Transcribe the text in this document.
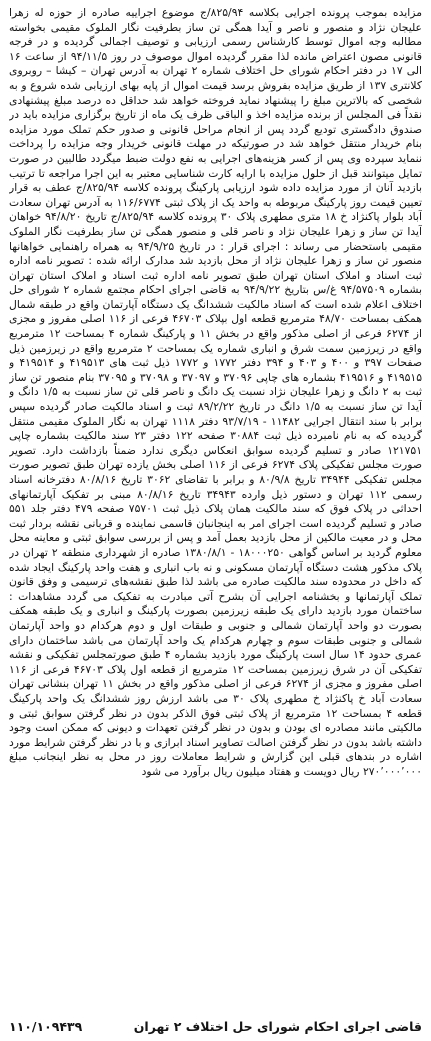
مزایده بموجب پرونده اجرایی بکلاسه ۸۲۵/۹۴/ج موضوع اجراییه صادره از حوزه له زهرا علیجان نژاد و منصور و ناصر و آیدا همگی تن ساز بطرفیت نگار الملوک مقیمی بخواسته مطالبه وجه اموال توسط کارشناس رسمی ارزیابی و توصیف اجمالی گردیده و در فرجه قانونی مصون اعتراض مانده لذا مقرر گردیده اموال موصوف در روز ۹۴/۱۱/۵ از ساعت ۱۶ الی ۱۷ در دفتر احکام شورای حل اختلاف شماره ۲ تهران به آدرس تهران – کیشا – روبروی کلانتری ۱۳۷ از طریق مزایده بفروش برسد قیمت اموال از پایه بهای ارزیابی شده شروع و به شخصی که بالاترین مبلغ را پیشنهاد نماید فروخته خواهد شد حداقل ده درصد مبلغ پیشنهادی نقداً فی المجلس از برنده مزایده اخذ و الباقی ظرف یک ماه از تاریخ برگزاری مزایده باید در صندوق دادگستری تودیع گردد پس از انجام مراحل قانونی و صدور حکم تملک مورد مزایده بنام خریدار منتقل خواهد شد در صورتیکه در مهلت قانونی خریدار وجه مزایده را پرداخت ننماید سپرده وی پس از کسر هزینه‌های اجرایی به نفع دولت ضبط میگردد طالبین در صورت تمایل میتوانند قبل از حلول مزایده با ارایه کارت شناسایی معتبر به این اجرا مراجعه تا ترتیب بازدید آنان از مورد مزایده داده شود ارزیابی پارکینگ پرونده کلاسه ۸۲۵/۹۴/ج عطف به قرار تعیین قیمت روز پارکینگ مربوطه به واحد یک از پلاک ثبتی ۱۱۶/۶۷۷۴ به آدرس تهران سعادت آباد بلوار پاکنژاد خ ۱۸ متری مطهری پلاک ۳۰ پرونده کلاسه ۸۲۵/۹۴/ج تاریخ ۹۴/۸/۲۰ خواهان آیدا تن ساز و زهرا علیجان نژاد و ناصر قلی و منصور همگی تن ساز بطرفیت نگار الملوک مقیمی باستحضار می رساند : اجرای قرار : در تاریخ ۹۴/۹/۲۵ به همراه راهنمایی خواهانها منصور تن ساز و زهرا علیجان نژاد از محل بازدید شد مدارک ارائه شده : تصویر نامه اداره ثبت اسناد و املاک استان تهران طبق تصویر نامه اداره ثبت اسناد و املاک استان تهران بشماره ۹۴/۵۷۵۰۹ غ/س بتاریخ ۹۴/۹/۲۲ به قاضی اجرای احکام مجتمع شماره ۲ شورای حل اختلاف اعلام شده است که اسناد مالکیت ششدانگ یک دستگاه آپارتمان واقع در طبقه شمال همکف بمساحت ۴۸/۷۰ مترمربع قطعه اول بپلاک ۴۶۷۰۳ فرعی از ۱۱۶ اصلی مفروز و مجزی از ۶۲۷۴ فرعی از اصلی مذکور واقع در بخش ۱۱ و پارکینگ شماره ۴ بمساحت ۱۲ مترمربع واقع در زیرزمین سمت شرق و انباری شماره یک بمساحت ۲ مترمربع واقع در زیرزمین ذیل صفحات ۳۹۷ و ۴۰۰ و ۴۰۳ و ۳۹۴ دفتر ۱۷۷۲ و ۱۷۷۲ ذیل ثبت های ۴۱۹۵۱۳ و ۴۱۹۵۱۴ و ۴۱۹۵۱۵ و ۴۱۹۵۱۶ بشماره های چاپی ۳۷۰۹۶ و ۳۷۰۹۷ و ۳۷۰۹۸ و ۳۷۰۹۵ بنام منصور تن ساز ثبت به ۲ دانگ و زهرا علیجان نژاد نسبت یک دانگ و ناصر قلی تن ساز نسبت به ۱/۵ دانگ و آیدا تن ساز نسبت به ۱/۵ دانگ در تاریخ ۸۹/۲/۲۲ ثبت و اسناد مالکیت صادر گردیده سپس برابر با سند انتقال اجرایی ۱۱۴۸۲ - ۹۳/۷/۱۹ دفتر ۱۱۱۸ تهران به نگار الملوک مقیمی منتقل گردیده که به نام نامبرده ذیل ثبت ۳۰۸۸۴ صفحه ۱۲۲ دفتر ۲۳ سند مالکیت بشماره چاپی ۱۲۱۷۵۱ صادر و تسلیم گردیده سوابق انعکاس دیگری ندارد ضمناً بازداشت دارد. تصویر صورت مجلس تفکیکی پلاک ۶۲۷۴ فرعی از ۱۱۶ اصلی بخش یازده تهران طبق تصویر صورت مجلس تفکیکی ۳۴۹۴۴ تاریخ ۸۰/۹/۸ و برابر با تقاضای ۳۰۶۲ تاریخ ۸۰/۸/۱۶ دفترخانه اسناد رسمی ۱۱۲ تهران و دستور ذیل وارده ۳۴۹۴۳ تاریخ ۸۰/۸/۱۶ مبنی بر تفکیک آپارتمانهای احداثی در پلاک فوق که سند مالکیت همان پلاک ذیل ثبت ۷۵۷۰۱ صفحه ۴۷۹ دفتر جلد ۵۵۱ صادر و تسلیم گردیده است اجرای امر به اینجانبان قاسمی نماینده و قربانی نقشه بردار ثبت محل و در معیت مالکین از محل بازدید بعمل آمد و پس از بررسی سوابق ثبتی و معاینه محل معلوم گردید بر اساس گواهی ۱۸۰۰۰۲۵۰ - ۱۳۸۰/۸/۱ صادره از شهرداری منطقه ۲ تهران در پلاک مذکور هشت دستگاه آپارتمان مسکونی و نه باب انباری و هفت واحد پارکینگ ایجاد شده که داخل در محدوده سند مالکیت صادره می باشد لذا طبق نقشه‌های ترسیمی و وفق قانون تملک آپارتمانها و بخشنامه اجرایی آن بشرح آتی مبادرت به تفکیک می گردد مشاهدات : ساختمان مورد بازدید دارای یک طبقه زیرزمین بصورت پارکینگ و انباری و یک طبقه همکف بصورت دو واحد آپارتمان شمالی و جنوبی و طبقات اول و دوم هرکدام دو واحد آپارتمان شمالی و جنوبی طبقات سوم و چهارم هرکدام یک واحد آپارتمان می باشد ساختمان دارای عمری حدود ۱۴ سال است پارکینگ مورد بازدید بشماره ۴ طبق صورتمجلس تفکیکی و نقشه تفکیکی آن در شرق زیرزمین بمساحت ۱۲ مترمربع از قطعه اول پلاک ۴۶۷۰۳ فرعی از ۱۱۶ اصلی مفروز و مجزی از ۶۲۷۴ فرعی از اصلی مذکور واقع در بخش ۱۱ تهران بنشانی تهران سعادت آباد خ پاکنژاد خ مطهری پلاک ۳۰ می باشد ارزش روز ششدانگ یک واحد پارکینگ قطعه ۴ بمساحت ۱۲ مترمربع از پلاک ثبتی فوق الذکر بدون در نظر گرفتن سوابق ثبتی و مالکیتی مانند مصادره ای بودن و بدون در نظر گرفتن تعهدات و دیونی که ممکن است وجود داشته باشد بدون در نظر گرفتن اصالت تصاویر اسناد ابرازی و با در نظر گرفتن شرایط مورد اشاره در بندهای قبلی این گزارش و شرایط معاملات روز در محل به نظر اینجانب مبلغ ۲۷۰٬۰۰۰٬۰۰۰ ریال دویست و هفتاد میلیون ریال برآورد می شود

قاضی اجرای احکام شورای حل اختلاف ۲ تهران
۱۱۰/۱۰۹۴۳۹
